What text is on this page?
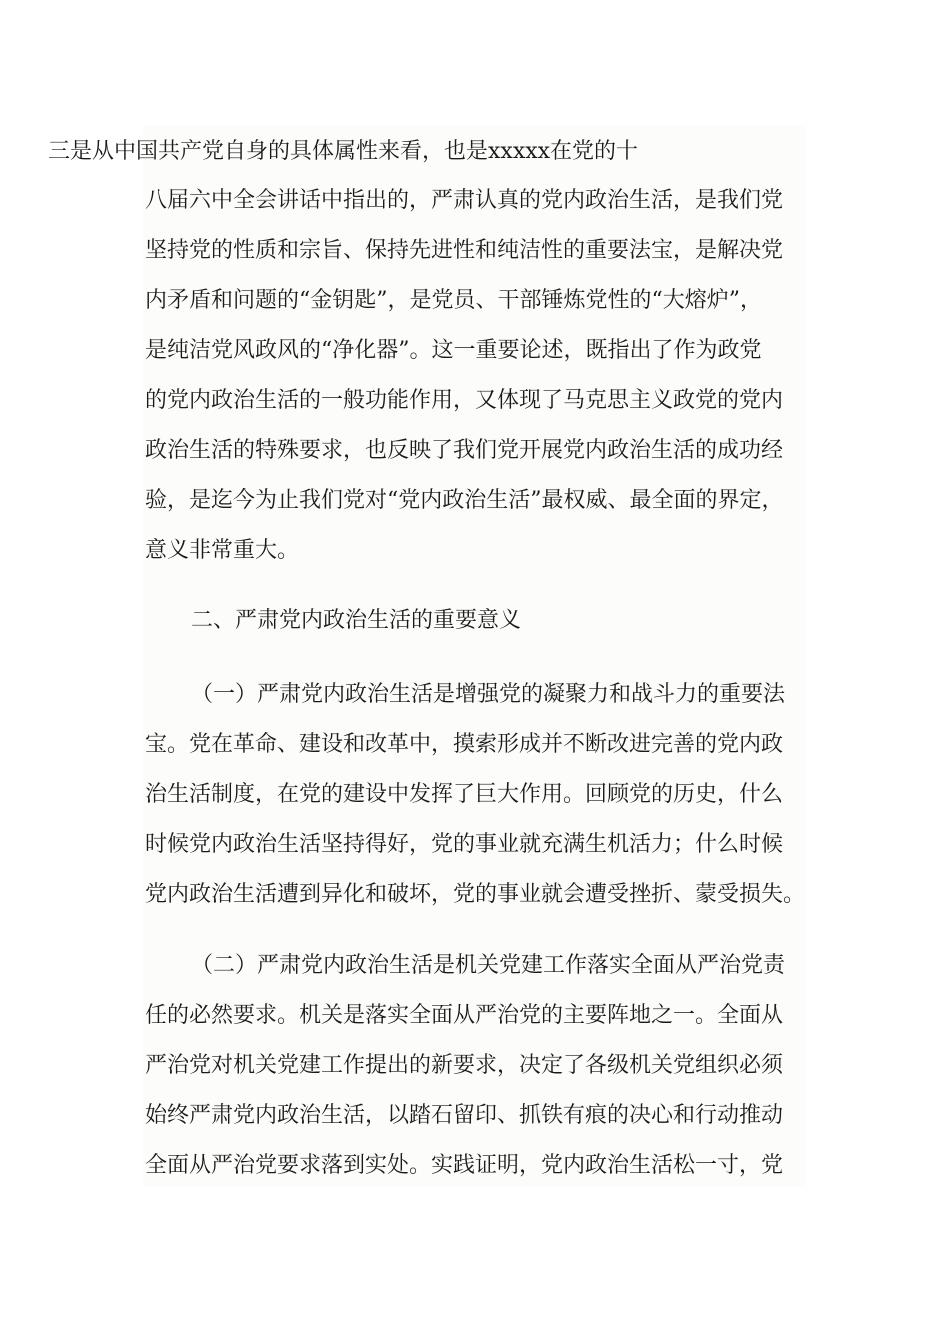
三是从中国共产党自身的具体属性来看，也是xxxxx在党的十
八届六中全会讲话中指出的，严肃认真的党内政治生活，是我们党
坚持党的性质和宗旨、保持先进性和纯洁性的重要法宝，是解决党
内矛盾和问题的“金钥匙”，是党员、干部锤炼党性的“大熔炉”，
是纯洁党风政风的“净化器”。这一重要论述，既指出了作为政党
的党内政治生活的一般功能作用，又体现了马克思主义政党的党内
政治生活的特殊要求，也反映了我们党开展党内政治生活的成功经
验，是迄今为止我们党对“党内政治生活”最权威、最全面的界定，
意义非常重大。
二、严肃党内政治生活的重要意义
（一）严肃党内政治生活是增强党的凝聚力和战斗力的重要法
宝。党在革命、建设和改革中，摸索形成并不断改进完善的党内政
治生活制度，在党的建设中发挥了巨大作用。回顾党的历史，什么
时候党内政治生活坚持得好，党的事业就充满生机活力；什么时候
党内政治生活遭到异化和破坏，党的事业就会遭受挫折、蒙受损失。
（二）严肃党内政治生活是机关党建工作落实全面从严治党责
任的必然要求。机关是落实全面从严治党的主要阵地之一。全面从
严治党对机关党建工作提出的新要求，决定了各级机关党组织必须
始终严肃党内政治生活，以踏石留印、抓铁有痕的决心和行动推动
全面从严治党要求落到实处。实践证明，党内政治生活松一寸，党
